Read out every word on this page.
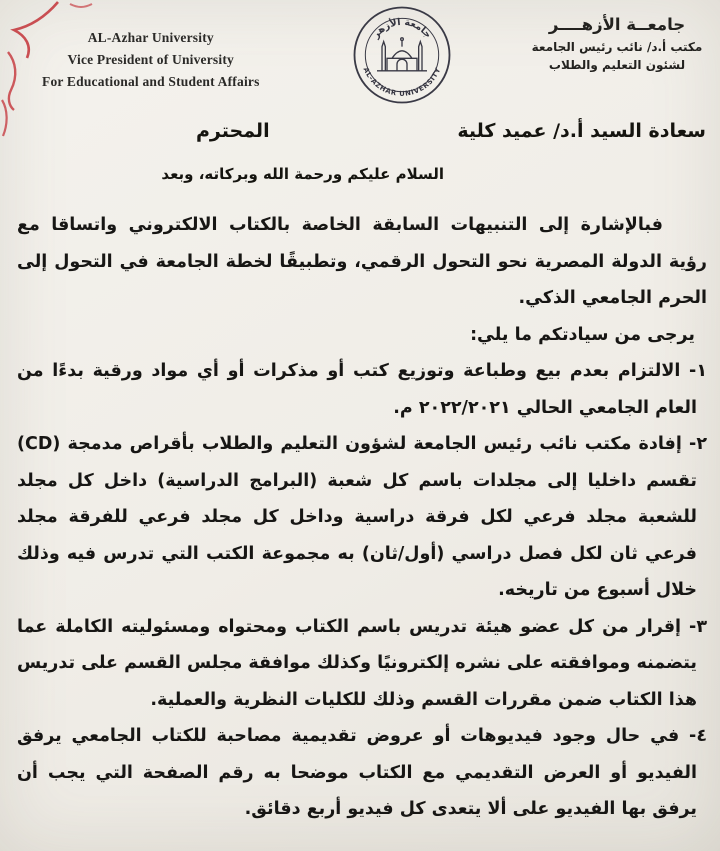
AL-Azhar University
Vice President of University
For Educational and Student Affairs
جامعة الأزهر
AL-AZHAR UNIVERSITY
جامعــة الأزهــــر
مكتب أ.د/ نائب رئيس الجامعة
لشئون التعليم والطلاب
سعادة السيد أ.د/ عميد كلية
المحترم
السلام عليكم ورحمة الله وبركاته، وبعد

فبالإشارة إلى التنبيهات السابقة الخاصة بالكتاب الالكتروني واتساقا مع رؤية الدولة المصرية نحو التحول الرقمي، وتطبيقًا لخطة الجامعة في التحول إلى الحرم الجامعي الذكي.

يرجى من سيادتكم ما يلي:

١- الالتزام بعدم بيع وطباعة وتوزيع كتب أو مذكرات أو أي مواد ورقية بدءًا من العام الجامعي الحالي ٢٠٢٢/٢٠٢١ م.

٢- إفادة مكتب نائب رئيس الجامعة لشؤون التعليم والطلاب بأقراص مدمجة (CD) تقسم داخليا إلى مجلدات باسم كل شعبة (البرامج الدراسية) داخل كل مجلد للشعبة مجلد فرعي لكل فرقة دراسية وداخل كل مجلد فرعي للفرقة مجلد فرعي ثان لكل فصل دراسي (أول/ثان) به مجموعة الكتب التي تدرس فيه وذلك خلال أسبوع من تاريخه.

٣- إقرار من كل عضو هيئة تدريس باسم الكتاب ومحتواه ومسئوليته الكاملة عما يتضمنه وموافقته على نشره إلكترونيًا وكذلك موافقة مجلس القسم على تدريس هذا الكتاب ضمن مقررات القسم وذلك للكليات النظرية والعملية.

٤- في حال وجود فيديوهات أو عروض تقديمية مصاحبة للكتاب الجامعي يرفق الفيديو أو العرض التقديمي مع الكتاب موضحا به رقم الصفحة التي يجب أن يرفق بها الفيديو على ألا يتعدى كل فيديو أربع دقائق.
